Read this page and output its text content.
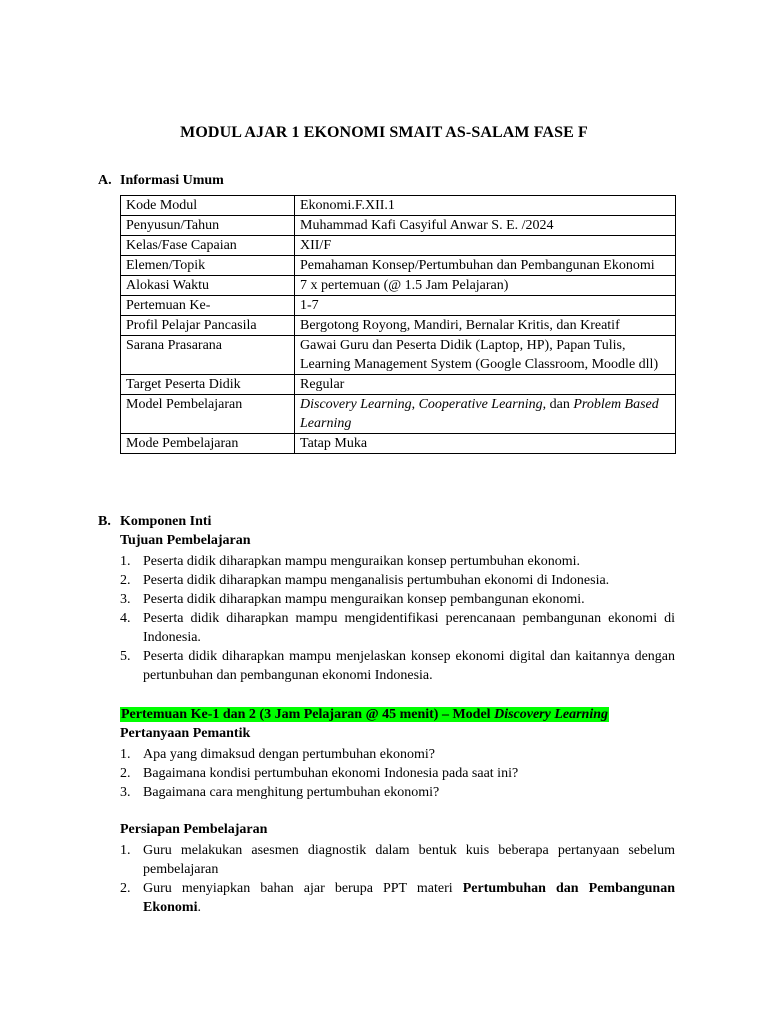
MODUL AJAR 1 EKONOMI SMAIT AS-SALAM FASE F
A. Informasi Umum
Kode Modul	Ekonomi.F.XII.1
Penyusun/Tahun	Muhammad Kafi Casyiful Anwar S. E. /2024
Kelas/Fase Capaian	XII/F
Elemen/Topik	Pemahaman Konsep/Pertumbuhan dan Pembangunan Ekonomi
Alokasi Waktu	7 x pertemuan (@ 1.5 Jam Pelajaran)
Pertemuan Ke-	1-7
Profil Pelajar Pancasila	Bergotong Royong, Mandiri, Bernalar Kritis, dan Kreatif
Sarana Prasarana	Gawai Guru dan Peserta Didik (Laptop, HP), Papan Tulis, Learning Management System (Google Classroom, Moodle dll)
Target Peserta Didik	Regular
Model Pembelajaran	Discovery Learning, Cooperative Learning, dan Problem Based Learning
Mode Pembelajaran	Tatap Muka
B. Komponen Inti
Tujuan Pembelajaran
1. Peserta didik diharapkan mampu menguraikan konsep pertumbuhan ekonomi.
2. Peserta didik diharapkan mampu menganalisis pertumbuhan ekonomi di Indonesia.
3. Peserta didik diharapkan mampu menguraikan konsep pembangunan ekonomi.
4. Peserta didik diharapkan mampu mengidentifikasi perencanaan pembangunan ekonomi di Indonesia.
5. Peserta didik diharapkan mampu menjelaskan konsep ekonomi digital dan kaitannya dengan pertunbuhan dan pembangunan ekonomi Indonesia.
Pertemuan Ke-1 dan 2 (3 Jam Pelajaran @ 45 menit) – Model Discovery Learning
Pertanyaan Pemantik
1. Apa yang dimaksud dengan pertumbuhan ekonomi?
2. Bagaimana kondisi pertumbuhan ekonomi Indonesia pada saat ini?
3. Bagaimana cara menghitung pertumbuhan ekonomi?
Persiapan Pembelajaran
1. Guru melakukan asesmen diagnostik dalam bentuk kuis beberapa pertanyaan sebelum pembelajaran
2. Guru menyiapkan bahan ajar berupa PPT materi Pertumbuhan dan Pembangunan Ekonomi.
